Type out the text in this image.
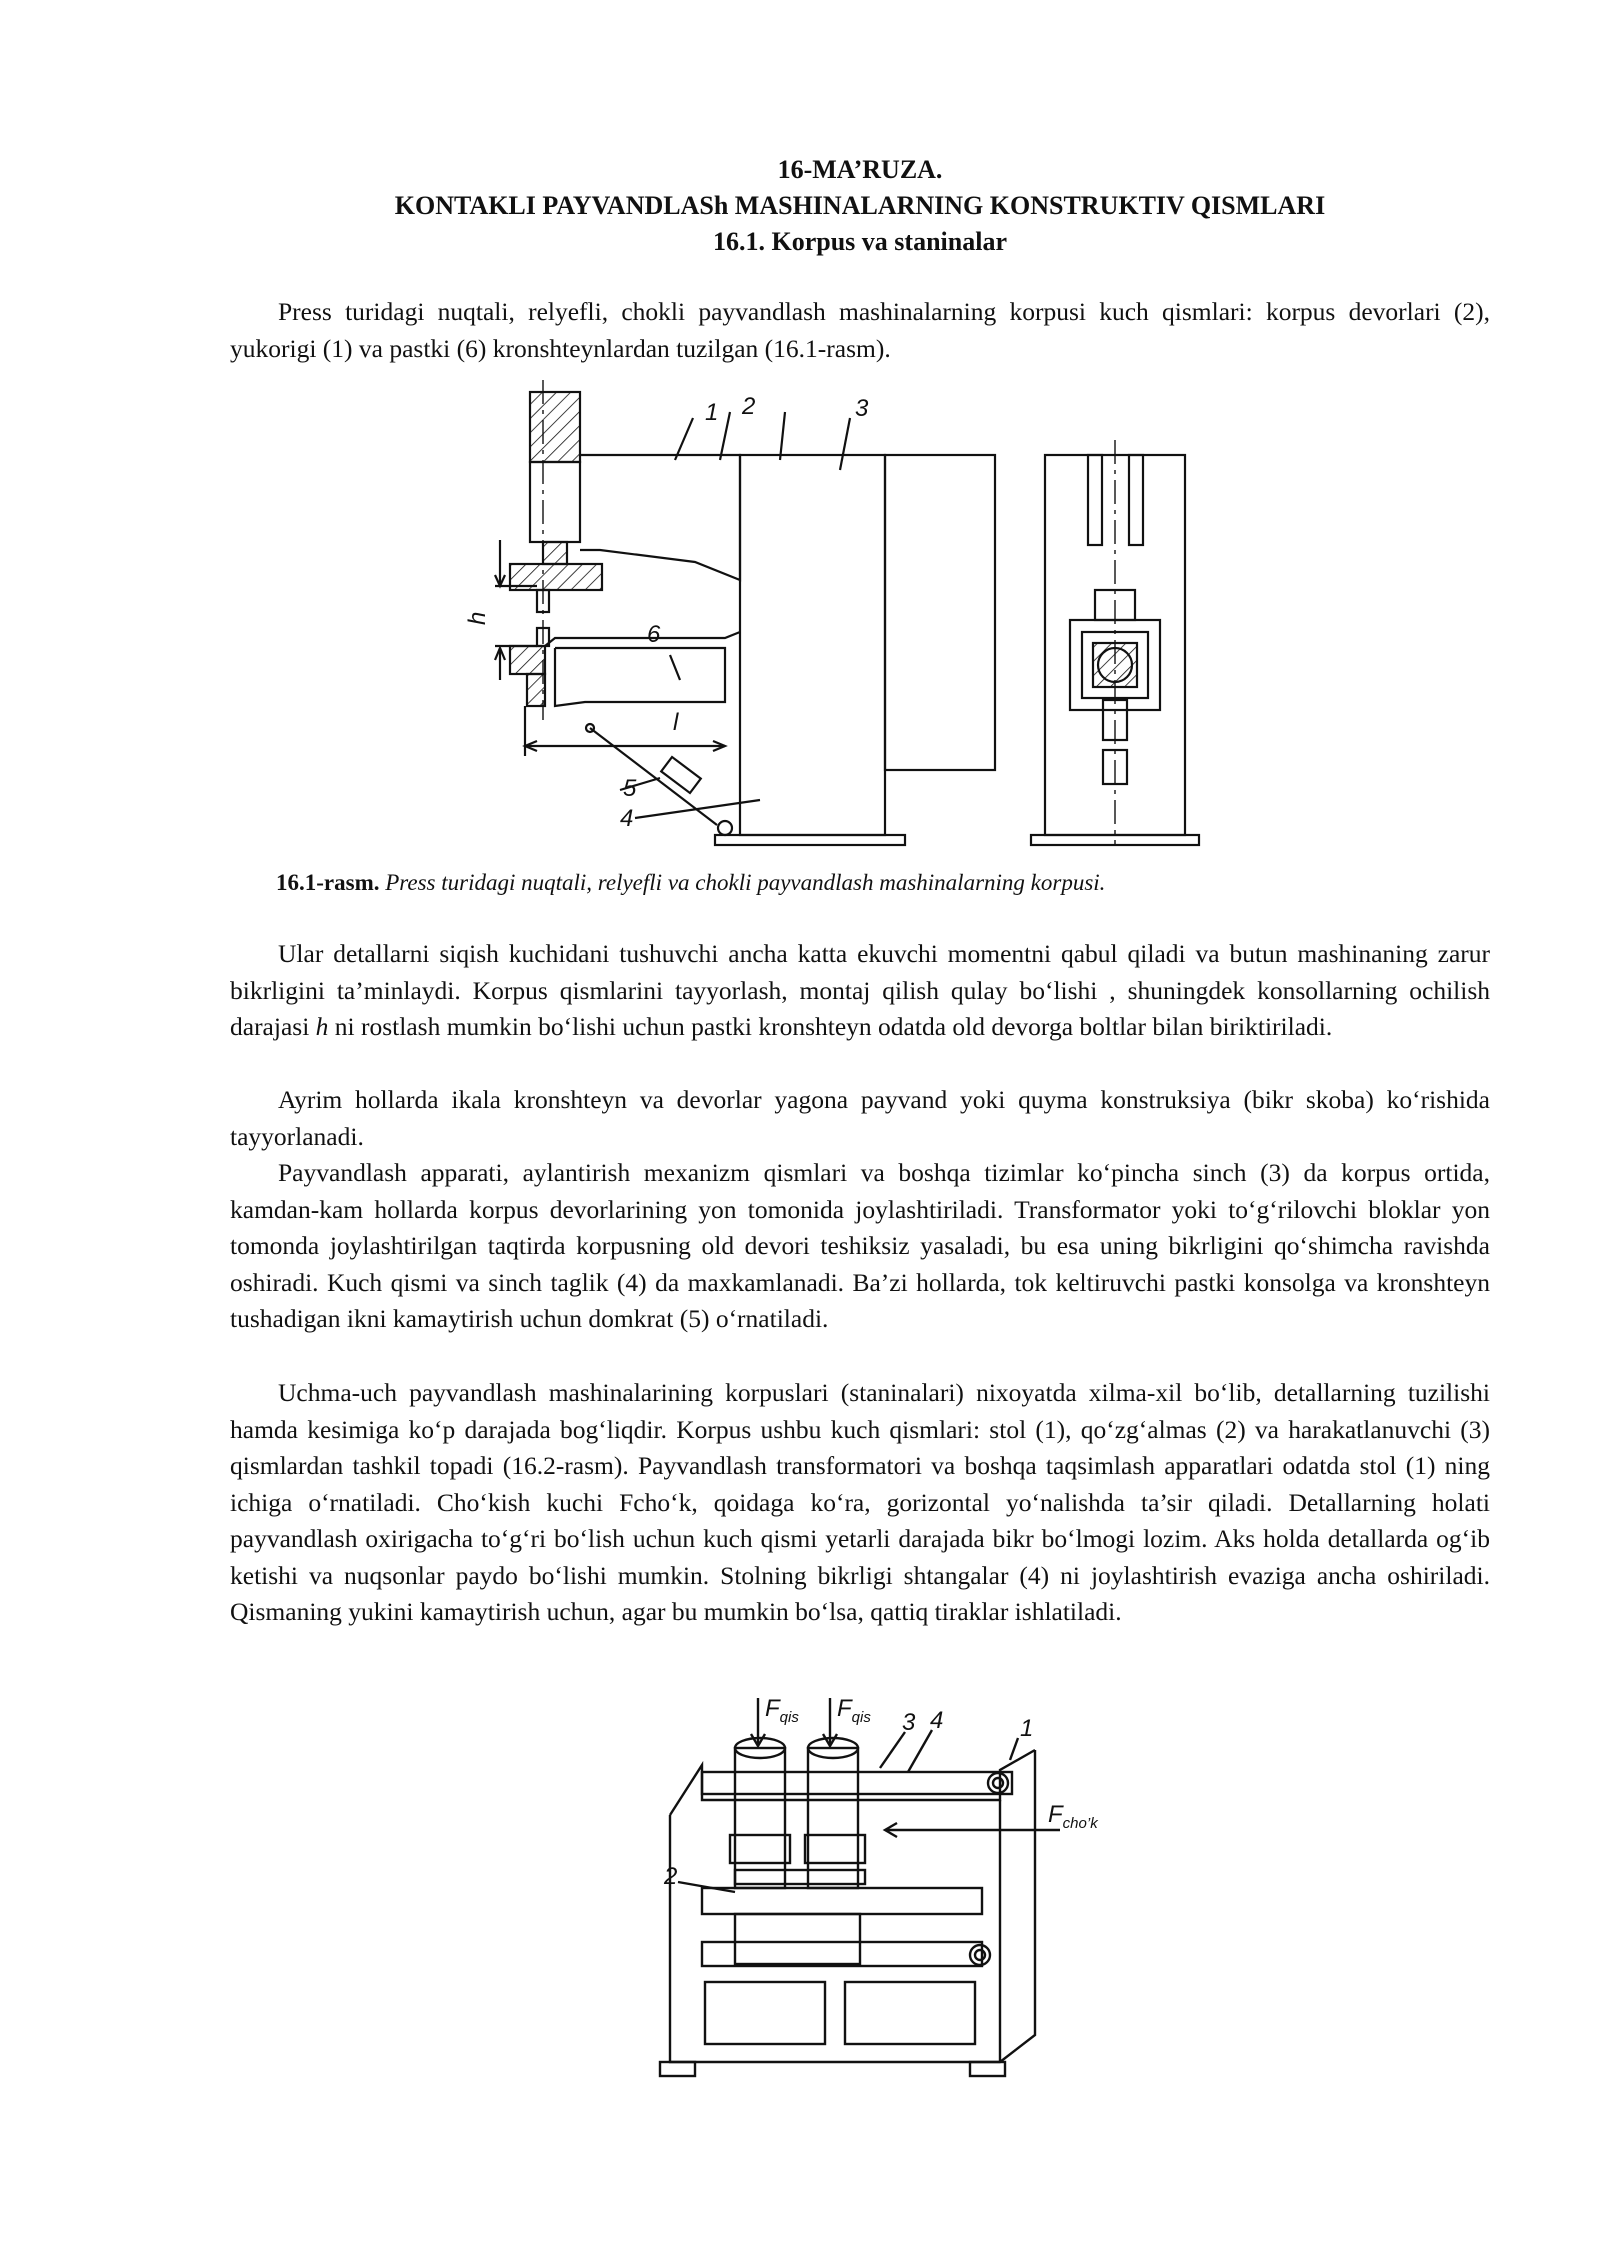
16-MA’RUZA.
KONTAKLI PAYVANDLASh MASHINALARNING KONSTRUKTIV QISMLARI
16.1. Korpus va staninalar

Press turidagi nuqtali, relyefli, chokli payvandlash mashinalarning korpusi kuch qismlari: korpus devorlari (2), yukorigi (1) va pastki (6) kronshteynlardan tuzilgan (16.1-rasm).

1 2	3
6
l
5
4
h
16.1-rasm. Press turidagi nuqtali, relyefli va chokli payvandlash mashinalarning korpusi.

Ular detallarni siqish kuchidani tushuvchi ancha katta ekuvchi momentni qabul qiladi va butun mashinaning zarur bikrligini ta’minlaydi. Korpus qismlarini tayyorlash, montaj qilish qulay bo‘lishi , shuningdek konsollarning ochilish darajasi h ni rostlash mumkin bo‘lishi uchun pastki kronshteyn odatda old devorga boltlar bilan biriktiriladi.

Ayrim hollarda ikala kronshteyn va devorlar yagona payvand yoki quyma konstruksiya (bikr skoba) ko‘rishida tayyorlanadi.

Payvandlash apparati, aylantirish mexanizm qismlari va boshqa tizimlar ko‘pincha sinch (3) da korpus ortida, kamdan-kam hollarda korpus devorlarining yon tomonida joylashtiriladi. Transformator yoki to‘g‘rilovchi bloklar yon tomonda joylashtirilgan taqtirda korpusning old devori teshiksiz yasaladi, bu esa uning bikrligini qo‘shimcha ravishda oshiradi. Kuch qismi va sinch taglik (4) da maxkamlanadi. Ba’zi hollarda, tok keltiruvchi pastki konsolga va kronshteyn tushadigan ikni kamaytirish uchun domkrat (5) o‘rnatiladi.

Uchma-uch payvandlash mashinalarining korpuslari (staninalari) nixoyatda xilma-xil bo‘lib, detallarning tuzilishi hamda kesimiga ko‘p darajada bog‘liqdir. Korpus ushbu kuch qismlari: stol (1), qo‘zg‘almas (2) va harakatlanuvchi (3) qismlardan tashkil topadi (16.2-rasm). Payvandlash transformatori va boshqa taqsimlash apparatlari odatda stol (1) ning ichiga o‘rnatiladi. Cho‘kish kuchi Fcho‘k, qoidaga ko‘ra, gorizontal yo‘nalishda ta’sir qiladi. Detallarning holati payvandlash oxirigacha to‘g‘ri bo‘lish uchun kuch qismi yetarli darajada bikr bo‘lmogi lozim. Aks holda detallarda og‘ib ketishi va nuqsonlar paydo bo‘lishi mumkin. Stolning bikrligi shtangalar (4) ni joylashtirish evaziga ancha oshiriladi. Qismaning yukini kamaytirish uchun, agar bu mumkin bo‘lsa, qattiq tiraklar ishlatiladi.

$F_{qis}$ $F_{qis}$ 3 4	1
2
$F_{cho’k}$
